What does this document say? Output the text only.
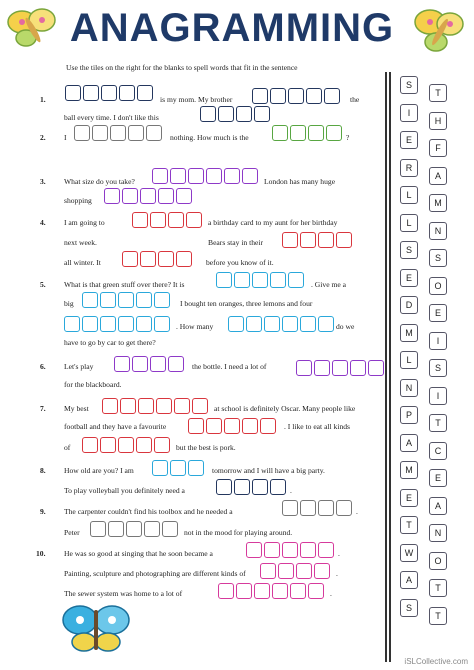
ANAGRAMMING
Use the tiles on the right for the blanks to spell words that fit in the sentence
1.	is my mom. My brother	the
ball every time. I don't like this
2. I	nothing. How much is the	?
3. What size do you take?	London has many huge
shopping
4. I am going to	a birthday card to my aunt for her birthday
next week.	Bears stay in their
all winter. It	before you know of it.
5. What is that green stuff over there? It is	. Give me a
big	I bought ten oranges, three lemons and four
. How many	do we
have to go by car to get there?
6. Let's play	the bottle. I need a lot of
for the blackboard.
7. My best	at school is definitely Oscar. Many people like
football and they have a favourite	. I like to eat all kinds
of	but the best is pork.
8. How old are you? I am	tomorrow and I will have a big party.
To play volleyball you definitely need a	.
9. The carpenter couldn't find his toolbox and he needed a	.
Peter	not in the mood for playing around.
10. He was so good at singing that he soon became a	.
Painting, sculpture and photographing are different kinds of	.
The sewer system was home to a lot of	.
S
I
E
R
L
L
S
E
D
M
L
N
P
A
M
E
T
W
A
S
T
H
F
A
M
N
S
O
E
I
S
I
T
C
E
A
N
O
T
T
iSLCollective.com
